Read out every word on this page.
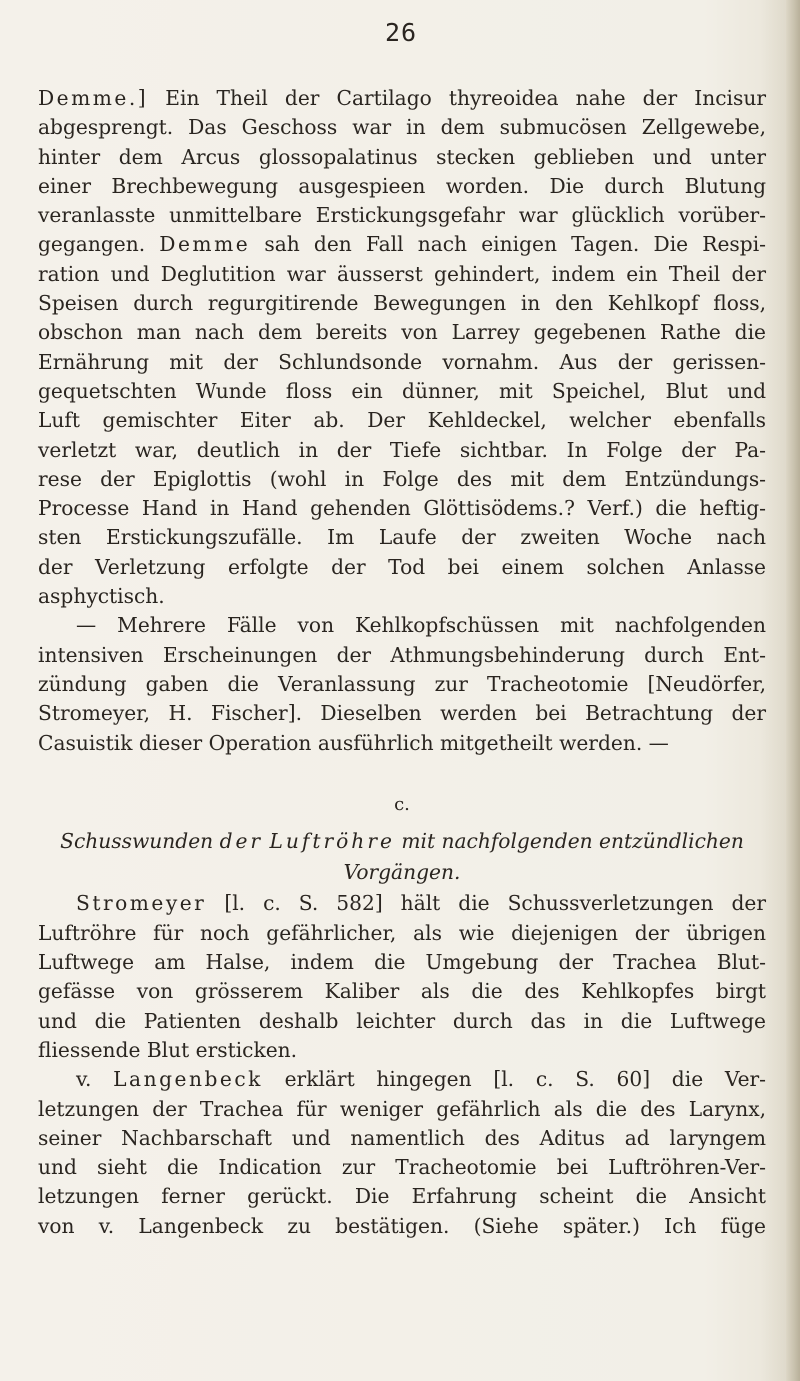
26
Demme.] Ein Theil der Cartilago thyreoidea nahe der Incisur
abgesprengt. Das Geschoss war in dem submucösen Zellgewebe,
hinter dem Arcus glossopalatinus stecken geblieben und unter
einer Brechbewegung ausgespieen worden. Die durch Blutung
veranlasste unmittelbare Erstickungsgefahr war glücklich vorüber-
gegangen. Demme sah den Fall nach einigen Tagen. Die Respi-
ration und Deglutition war äusserst gehindert, indem ein Theil der
Speisen durch regurgitirende Bewegungen in den Kehlkopf floss,
obschon man nach dem bereits von Larrey gegebenen Rathe die
Ernährung mit der Schlundsonde vornahm. Aus der gerissen-
gequetschten Wunde floss ein dünner, mit Speichel, Blut und
Luft gemischter Eiter ab. Der Kehldeckel, welcher ebenfalls
verletzt war, deutlich in der Tiefe sichtbar. In Folge der Pa-
rese der Epiglottis (wohl in Folge des mit dem Entzündungs-
Processe Hand in Hand gehenden Glöttisödems.? Verf.) die heftig-
sten Erstickungszufälle. Im Laufe der zweiten Woche nach
der Verletzung erfolgte der Tod bei einem solchen Anlasse
asphyctisch.
— Mehrere Fälle von Kehlkopfschüssen mit nachfolgenden
intensiven Erscheinungen der Athmungsbehinderung durch Ent-
zündung gaben die Veranlassung zur Tracheotomie [Neudörfer,
Stromeyer, H. Fischer]. Dieselben werden bei Betrachtung der
Casuistik dieser Operation ausführlich mitgetheilt werden. —
c.
Schusswunden der Luftröhre mit nachfolgenden entzündlichen
Vorgängen.
Stromeyer [l. c. S. 582] hält die Schussverletzungen der
Luftröhre für noch gefährlicher, als wie diejenigen der übrigen
Luftwege am Halse, indem die Umgebung der Trachea Blut-
gefässe von grösserem Kaliber als die des Kehlkopfes birgt
und die Patienten deshalb leichter durch das in die Luftwege
fliessende Blut ersticken.
v. Langenbeck erklärt hingegen [l. c. S. 60] die Ver-
letzungen der Trachea für weniger gefährlich als die des Larynx,
seiner Nachbarschaft und namentlich des Aditus ad laryngem
und sieht die Indication zur Tracheotomie bei Luftröhren-Ver-
letzungen ferner gerückt. Die Erfahrung scheint die Ansicht
von v. Langenbeck zu bestätigen. (Siehe später.) Ich füge
